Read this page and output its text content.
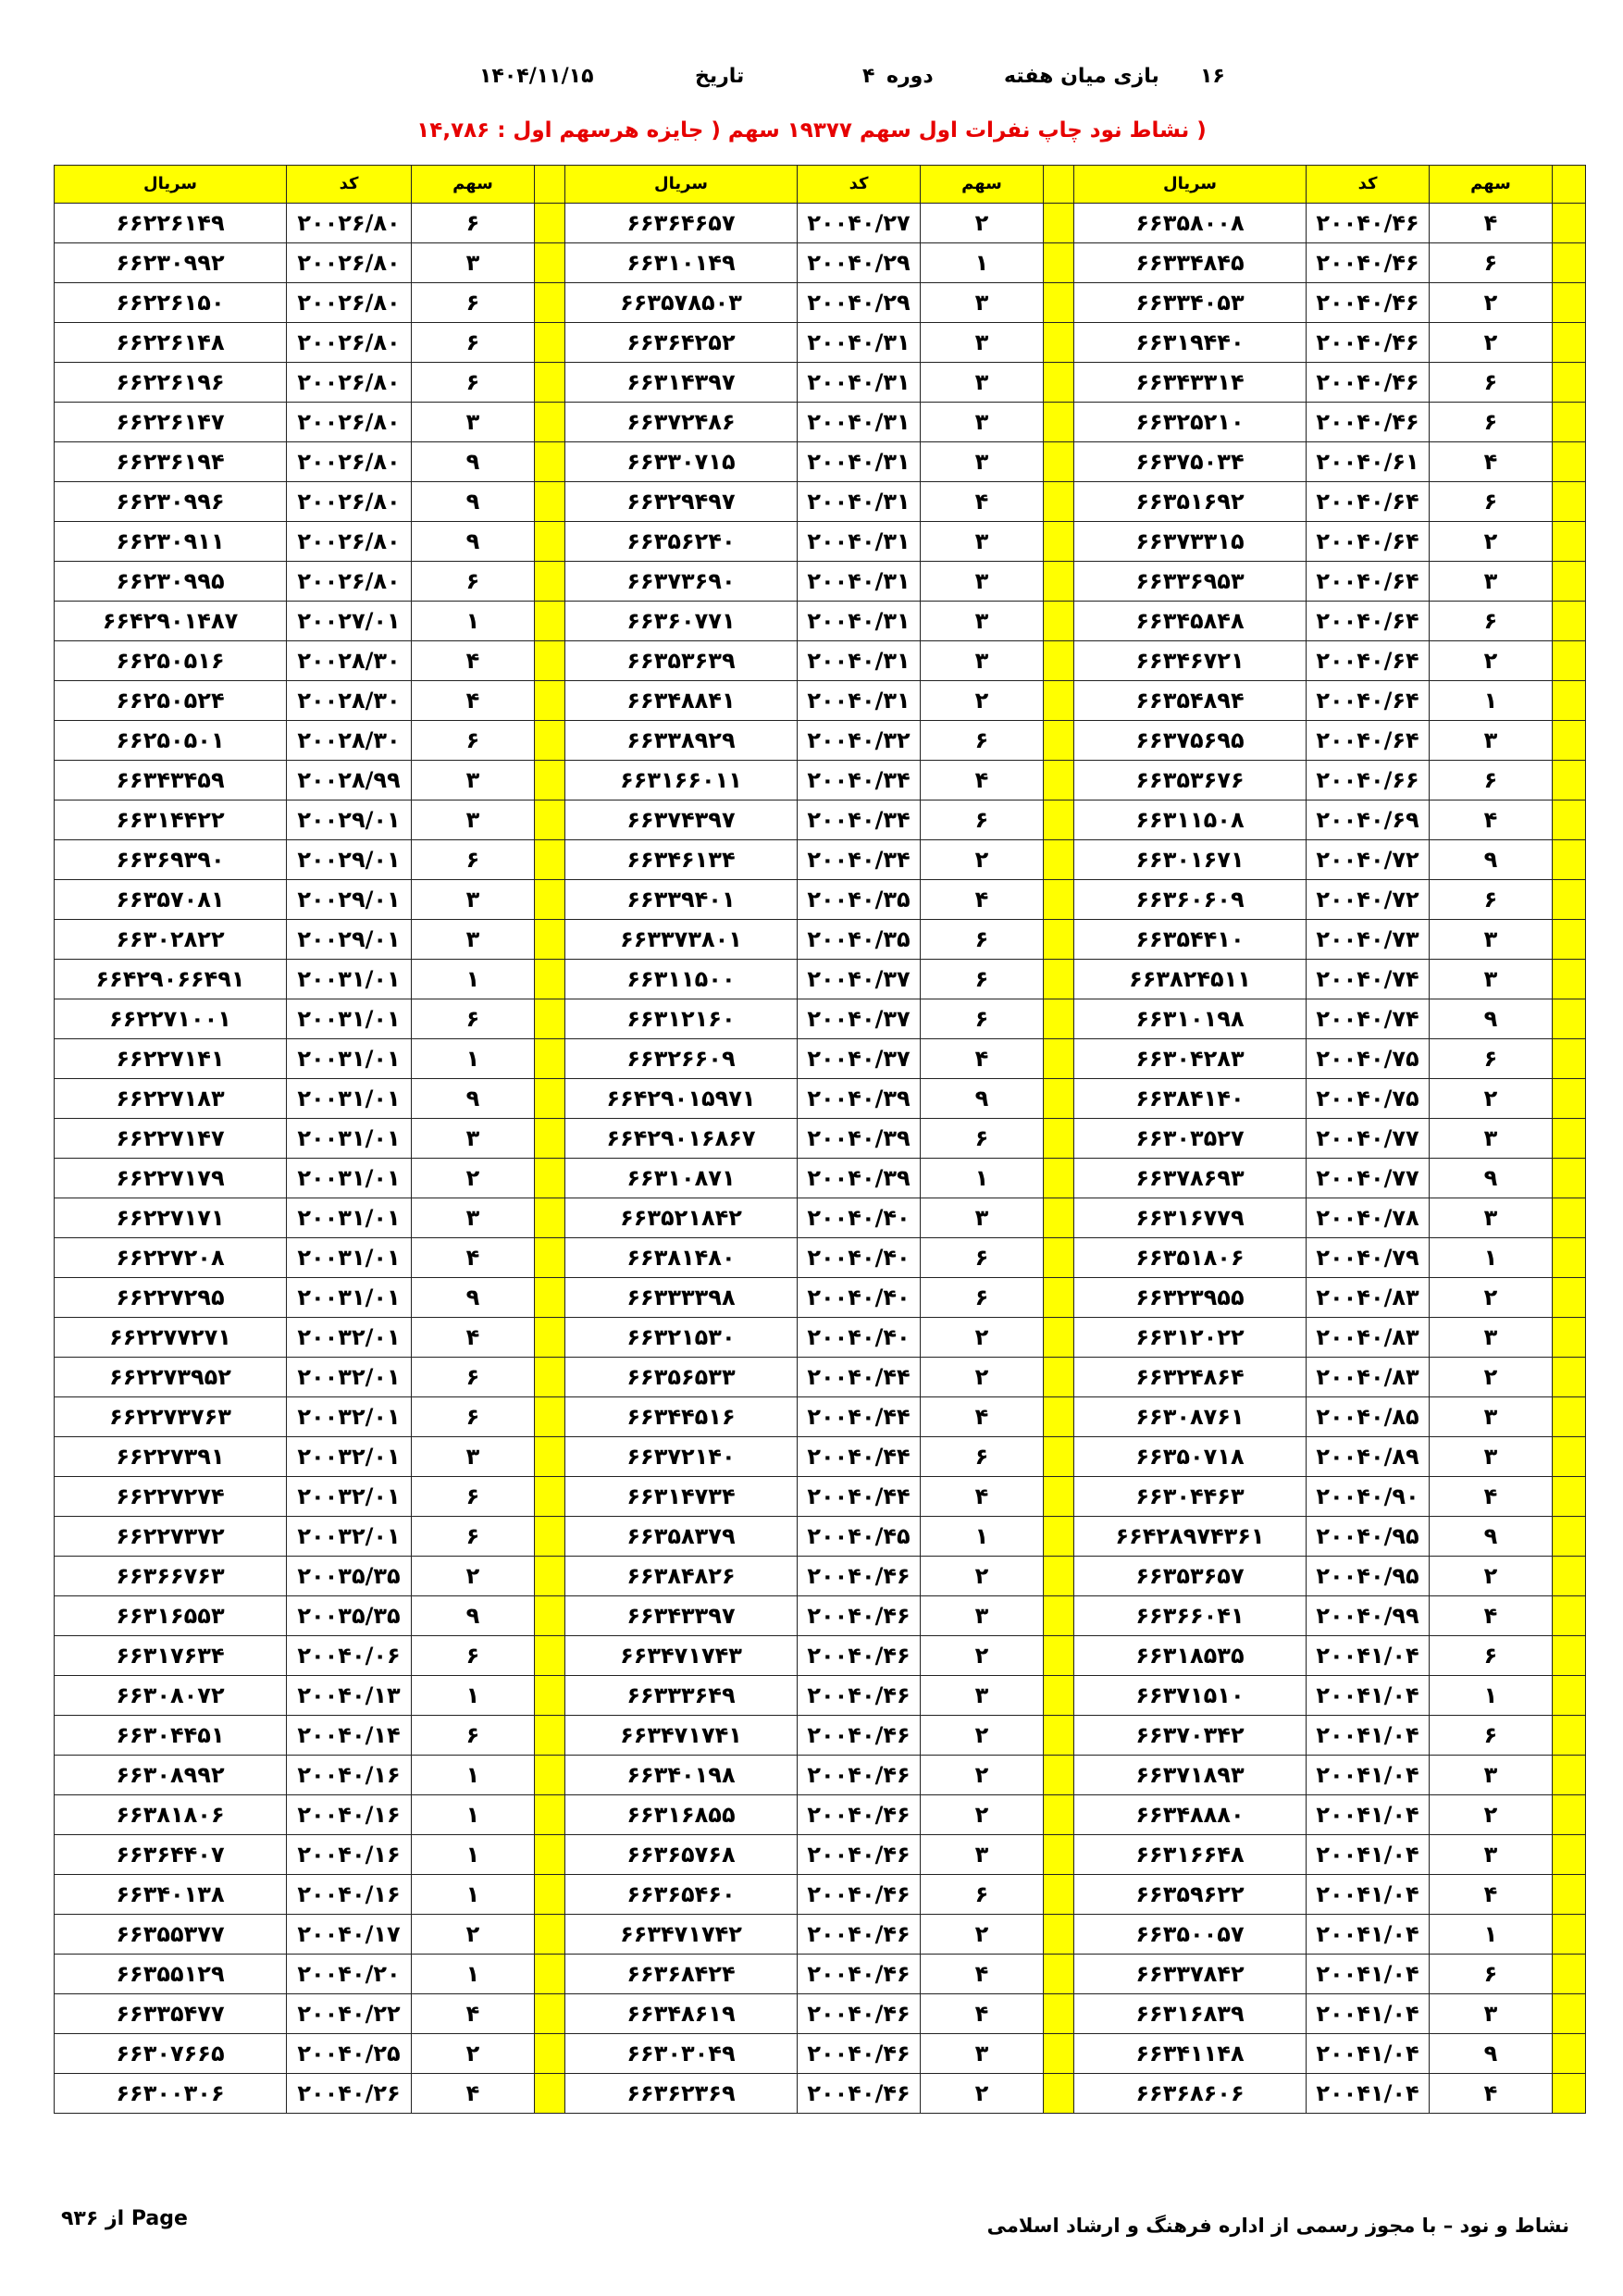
۱۶
بازی میان هفته
دوره
۴
تاریخ
۱۴۰۴/۱۱/۱۵
( نشاط نود چاپ نفرات اول سهم ۱۹۳۷۷ سهم ( جایزه هرسهم اول : ۱۴,۷۸۶
سریال	کد	سهم		سریال	کد	سهم		سریال	کد	سهم	
۶۶۲۲۶۱۴۹	۲۰۰۲۶/۸۰	۶		۶۶۳۶۴۶۵۷	۲۰۰۴۰/۲۷	۲		۶۶۳۵۸۰۰۸	۲۰۰۴۰/۴۶	۴	
۶۶۲۳۰۹۹۲	۲۰۰۲۶/۸۰	۳		۶۶۳۱۰۱۴۹	۲۰۰۴۰/۲۹	۱		۶۶۳۳۴۸۴۵	۲۰۰۴۰/۴۶	۶	
۶۶۲۲۶۱۵۰	۲۰۰۲۶/۸۰	۶		۶۶۳۵۷۸۵۰۳	۲۰۰۴۰/۲۹	۳		۶۶۳۳۴۰۵۳	۲۰۰۴۰/۴۶	۲	
۶۶۲۲۶۱۴۸	۲۰۰۲۶/۸۰	۶		۶۶۳۶۴۲۵۲	۲۰۰۴۰/۳۱	۳		۶۶۳۱۹۴۴۰	۲۰۰۴۰/۴۶	۲	
۶۶۲۲۶۱۹۶	۲۰۰۲۶/۸۰	۶		۶۶۳۱۴۳۹۷	۲۰۰۴۰/۳۱	۳		۶۶۳۴۳۳۱۴	۲۰۰۴۰/۴۶	۶	
۶۶۲۲۶۱۴۷	۲۰۰۲۶/۸۰	۳		۶۶۳۷۲۴۸۶	۲۰۰۴۰/۳۱	۳		۶۶۳۲۵۲۱۰	۲۰۰۴۰/۴۶	۶	
۶۶۲۳۶۱۹۴	۲۰۰۲۶/۸۰	۹		۶۶۳۳۰۷۱۵	۲۰۰۴۰/۳۱	۳		۶۶۳۷۵۰۳۴	۲۰۰۴۰/۶۱	۴	
۶۶۲۳۰۹۹۶	۲۰۰۲۶/۸۰	۹		۶۶۳۲۹۴۹۷	۲۰۰۴۰/۳۱	۴		۶۶۳۵۱۶۹۲	۲۰۰۴۰/۶۴	۶	
۶۶۲۳۰۹۱۱	۲۰۰۲۶/۸۰	۹		۶۶۳۵۶۲۴۰	۲۰۰۴۰/۳۱	۳		۶۶۳۷۳۳۱۵	۲۰۰۴۰/۶۴	۲	
۶۶۲۳۰۹۹۵	۲۰۰۲۶/۸۰	۶		۶۶۳۷۳۶۹۰	۲۰۰۴۰/۳۱	۳		۶۶۳۳۶۹۵۳	۲۰۰۴۰/۶۴	۳	
۶۶۴۲۹۰۱۴۸۷	۲۰۰۲۷/۰۱	۱		۶۶۳۶۰۷۷۱	۲۰۰۴۰/۳۱	۳		۶۶۳۴۵۸۴۸	۲۰۰۴۰/۶۴	۶	
۶۶۲۵۰۵۱۶	۲۰۰۲۸/۳۰	۴		۶۶۳۵۳۶۳۹	۲۰۰۴۰/۳۱	۳		۶۶۳۴۶۷۲۱	۲۰۰۴۰/۶۴	۲	
۶۶۲۵۰۵۲۴	۲۰۰۲۸/۳۰	۴		۶۶۳۴۸۸۴۱	۲۰۰۴۰/۳۱	۲		۶۶۳۵۴۸۹۴	۲۰۰۴۰/۶۴	۱	
۶۶۲۵۰۵۰۱	۲۰۰۲۸/۳۰	۶		۶۶۳۳۸۹۲۹	۲۰۰۴۰/۳۲	۶		۶۶۳۷۵۶۹۵	۲۰۰۴۰/۶۴	۳	
۶۶۳۴۳۴۵۹	۲۰۰۲۸/۹۹	۳		۶۶۳۱۶۶۰۱۱	۲۰۰۴۰/۳۴	۴		۶۶۳۵۳۶۷۶	۲۰۰۴۰/۶۶	۶	
۶۶۳۱۴۴۲۲	۲۰۰۲۹/۰۱	۳		۶۶۳۷۴۳۹۷	۲۰۰۴۰/۳۴	۶		۶۶۳۱۱۵۰۸	۲۰۰۴۰/۶۹	۴	
۶۶۳۶۹۳۹۰	۲۰۰۲۹/۰۱	۶		۶۶۳۴۶۱۳۴	۲۰۰۴۰/۳۴	۲		۶۶۳۰۱۶۷۱	۲۰۰۴۰/۷۲	۹	
۶۶۳۵۷۰۸۱	۲۰۰۲۹/۰۱	۳		۶۶۳۳۹۴۰۱	۲۰۰۴۰/۳۵	۴		۶۶۳۶۰۶۰۹	۲۰۰۴۰/۷۲	۶	
۶۶۳۰۲۸۲۲	۲۰۰۲۹/۰۱	۳		۶۶۳۳۷۳۸۰۱	۲۰۰۴۰/۳۵	۶		۶۶۳۵۴۴۱۰	۲۰۰۴۰/۷۳	۳	
۶۶۴۲۹۰۶۶۴۹۱	۲۰۰۳۱/۰۱	۱		۶۶۳۱۱۵۰۰	۲۰۰۴۰/۳۷	۶		۶۶۳۸۲۴۵۱۱	۲۰۰۴۰/۷۴	۳	
۶۶۲۲۷۱۰۰۱	۲۰۰۳۱/۰۱	۶		۶۶۳۱۲۱۶۰	۲۰۰۴۰/۳۷	۶		۶۶۳۱۰۱۹۸	۲۰۰۴۰/۷۴	۹	
۶۶۲۲۷۱۴۱	۲۰۰۳۱/۰۱	۱		۶۶۳۲۶۶۰۹	۲۰۰۴۰/۳۷	۴		۶۶۳۰۴۲۸۳	۲۰۰۴۰/۷۵	۶	
۶۶۲۲۷۱۸۳	۲۰۰۳۱/۰۱	۹		۶۶۴۲۹۰۱۵۹۷۱	۲۰۰۴۰/۳۹	۹		۶۶۳۸۴۱۴۰	۲۰۰۴۰/۷۵	۲	
۶۶۲۲۷۱۴۷	۲۰۰۳۱/۰۱	۳		۶۶۴۲۹۰۱۶۸۶۷	۲۰۰۴۰/۳۹	۶		۶۶۳۰۳۵۲۷	۲۰۰۴۰/۷۷	۳	
۶۶۲۲۷۱۷۹	۲۰۰۳۱/۰۱	۲		۶۶۳۱۰۸۷۱	۲۰۰۴۰/۳۹	۱		۶۶۳۷۸۶۹۳	۲۰۰۴۰/۷۷	۹	
۶۶۲۲۷۱۷۱	۲۰۰۳۱/۰۱	۳		۶۶۳۵۲۱۸۴۲	۲۰۰۴۰/۴۰	۳		۶۶۳۱۶۷۷۹	۲۰۰۴۰/۷۸	۳	
۶۶۲۲۷۲۰۸	۲۰۰۳۱/۰۱	۴		۶۶۳۸۱۴۸۰	۲۰۰۴۰/۴۰	۶		۶۶۳۵۱۸۰۶	۲۰۰۴۰/۷۹	۱	
۶۶۲۲۷۲۹۵	۲۰۰۳۱/۰۱	۹		۶۶۳۳۳۳۹۸	۲۰۰۴۰/۴۰	۶		۶۶۳۲۳۹۵۵	۲۰۰۴۰/۸۳	۲	
۶۶۲۲۷۷۲۷۱	۲۰۰۳۲/۰۱	۴		۶۶۳۲۱۵۳۰	۲۰۰۴۰/۴۰	۲		۶۶۳۱۲۰۲۲	۲۰۰۴۰/۸۳	۳	
۶۶۲۲۷۳۹۵۲	۲۰۰۳۲/۰۱	۶		۶۶۳۵۶۵۳۳	۲۰۰۴۰/۴۴	۲		۶۶۳۲۴۸۶۴	۲۰۰۴۰/۸۳	۲	
۶۶۲۲۷۳۷۶۳	۲۰۰۳۲/۰۱	۶		۶۶۳۴۴۵۱۶	۲۰۰۴۰/۴۴	۴		۶۶۳۰۸۷۶۱	۲۰۰۴۰/۸۵	۳	
۶۶۲۲۷۳۹۱	۲۰۰۳۲/۰۱	۳		۶۶۳۷۲۱۴۰	۲۰۰۴۰/۴۴	۶		۶۶۳۵۰۷۱۸	۲۰۰۴۰/۸۹	۳	
۶۶۲۲۷۲۷۴	۲۰۰۳۲/۰۱	۶		۶۶۳۱۴۷۳۴	۲۰۰۴۰/۴۴	۴		۶۶۳۰۴۴۶۳	۲۰۰۴۰/۹۰	۴	
۶۶۲۲۷۳۷۲	۲۰۰۳۲/۰۱	۶		۶۶۳۵۸۳۷۹	۲۰۰۴۰/۴۵	۱		۶۶۴۲۸۹۷۴۳۶۱	۲۰۰۴۰/۹۵	۹	
۶۶۳۶۶۷۶۳	۲۰۰۳۵/۳۵	۲		۶۶۳۸۴۸۲۶	۲۰۰۴۰/۴۶	۲		۶۶۳۵۳۶۵۷	۲۰۰۴۰/۹۵	۲	
۶۶۳۱۶۵۵۳	۲۰۰۳۵/۳۵	۹		۶۶۳۴۳۳۹۷	۲۰۰۴۰/۴۶	۳		۶۶۳۶۶۰۴۱	۲۰۰۴۰/۹۹	۴	
۶۶۳۱۷۶۳۴	۲۰۰۴۰/۰۶	۶		۶۶۳۴۷۱۷۴۳	۲۰۰۴۰/۴۶	۲		۶۶۳۱۸۵۳۵	۲۰۰۴۱/۰۴	۶	
۶۶۳۰۸۰۷۲	۲۰۰۴۰/۱۳	۱		۶۶۳۳۳۶۴۹	۲۰۰۴۰/۴۶	۳		۶۶۳۷۱۵۱۰	۲۰۰۴۱/۰۴	۱	
۶۶۳۰۴۴۵۱	۲۰۰۴۰/۱۴	۶		۶۶۳۴۷۱۷۴۱	۲۰۰۴۰/۴۶	۲		۶۶۳۷۰۳۴۲	۲۰۰۴۱/۰۴	۶	
۶۶۳۰۸۹۹۲	۲۰۰۴۰/۱۶	۱		۶۶۳۴۰۱۹۸	۲۰۰۴۰/۴۶	۲		۶۶۳۷۱۸۹۳	۲۰۰۴۱/۰۴	۳	
۶۶۳۸۱۸۰۶	۲۰۰۴۰/۱۶	۱		۶۶۳۱۶۸۵۵	۲۰۰۴۰/۴۶	۲		۶۶۳۴۸۸۸۰	۲۰۰۴۱/۰۴	۲	
۶۶۳۶۴۴۰۷	۲۰۰۴۰/۱۶	۱		۶۶۳۶۵۷۶۸	۲۰۰۴۰/۴۶	۳		۶۶۳۱۶۶۴۸	۲۰۰۴۱/۰۴	۳	
۶۶۳۴۰۱۳۸	۲۰۰۴۰/۱۶	۱		۶۶۳۶۵۴۶۰	۲۰۰۴۰/۴۶	۶		۶۶۳۵۹۶۲۲	۲۰۰۴۱/۰۴	۴	
۶۶۳۵۵۳۷۷	۲۰۰۴۰/۱۷	۲		۶۶۳۴۷۱۷۴۲	۲۰۰۴۰/۴۶	۲		۶۶۳۵۰۰۵۷	۲۰۰۴۱/۰۴	۱	
۶۶۳۵۵۱۲۹	۲۰۰۴۰/۲۰	۱		۶۶۳۶۸۴۲۴	۲۰۰۴۰/۴۶	۴		۶۶۳۳۷۸۴۲	۲۰۰۴۱/۰۴	۶	
۶۶۳۳۵۴۷۷	۲۰۰۴۰/۲۲	۴		۶۶۳۴۸۶۱۹	۲۰۰۴۰/۴۶	۴		۶۶۳۱۶۸۳۹	۲۰۰۴۱/۰۴	۳	
۶۶۳۰۷۶۶۵	۲۰۰۴۰/۲۵	۲		۶۶۳۰۳۰۴۹	۲۰۰۴۰/۴۶	۳		۶۶۳۴۱۱۴۸	۲۰۰۴۱/۰۴	۹	
۶۶۳۰۰۳۰۶	۲۰۰۴۰/۲۶	۴		۶۶۳۶۲۳۶۹	۲۰۰۴۰/۴۶	۲		۶۶۳۶۸۶۰۶	۲۰۰۴۱/۰۴	۴	
نشاط و نود – با مجوز رسمی از اداره فرهنگ و ارشاد اسلامی
از ۹۳۶ Page
